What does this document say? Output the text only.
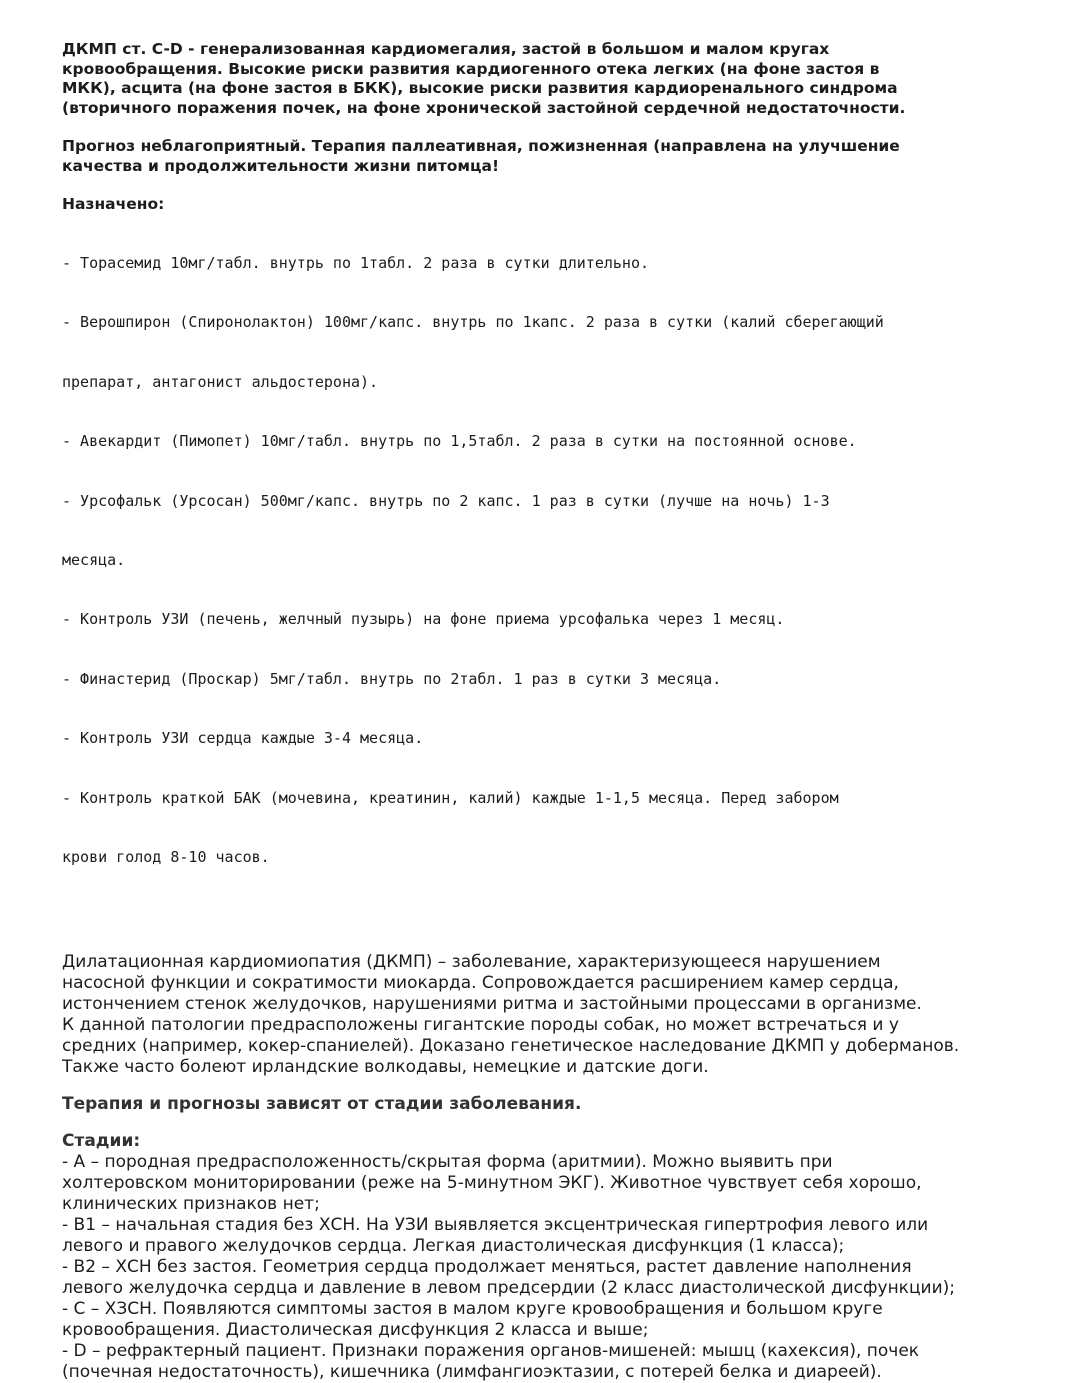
ДКМП ст. C-D - генерализованная кардиомегалия, застой в большом и малом кругах
кровообращения. Высокие риски развития кардиогенного отека легких (на фоне застоя в
МКК), асцита (на фоне застоя в БКК), высокие риски развития кардиоренального синдрома
(вторичного поражения почек, на фоне хронической застойной сердечной недостаточности.
Прогноз неблагоприятный. Терапия паллеативная, пожизненная (направлена на улучшение
качества и продолжительности жизни питомца!
Назначено:

- Торасемид 10мг/табл. внутрь по 1табл. 2 раза в сутки длительно.

- Верошпирон (Спиронолактон) 100мг/капс. внутрь по 1капс. 2 раза в сутки (калий сберегающий

препарат, антагонист альдостерона).

- Авекардит (Пимопет) 10мг/табл. внутрь по 1,5табл. 2 раза в сутки на постоянной основе.

- Урсофальк (Урсосан) 500мг/капс. внутрь по 2 капс. 1 раз в сутки (лучше на ночь) 1-3

месяца.

- Контроль УЗИ (печень, желчный пузырь) на фоне приема урсофалька через 1 месяц.

- Финастерид (Проскар) 5мг/табл. внутрь по 2табл. 1 раз в сутки 3 месяца.

- Контроль УЗИ сердца каждые 3-4 месяца.

- Контроль краткой БАК (мочевина, креатинин, калий) каждые 1-1,5 месяца. Перед забором

крови голод 8-10 часов.

Дилатационная кардиомиопатия (ДКМП) – заболевание, характеризующееся нарушением
насосной функции и сократимости миокарда. Сопровождается расширением камер сердца,
истончением стенок желудочков, нарушениями ритма и застойными процессами в организме.
К данной патологии предрасположены гигантские породы собак, но может встречаться и у
средних (например, кокер-спаниелей). Доказано генетическое наследование ДКМП у доберманов.
Также часто болеют ирландские волкодавы, немецкие и датские доги.
Терапия и прогнозы зависят от стадии заболевания.
Стадии:
- А – породная предрасположенность/скрытая форма (аритмии). Можно выявить при
холтеровском мониторировании (реже на 5-минутном ЭКГ). Животное чувствует себя хорошо,
клинических признаков нет;
- В1 – начальная стадия без ХСН. На УЗИ выявляется эксцентрическая гипертрофия левого или
левого и правого желудочков сердца. Легкая диастолическая дисфункция (1 класса);
- В2 – ХСН без застоя. Геометрия сердца продолжает меняться, растет давление наполнения
левого желудочка сердца и давление в левом предсердии (2 класс диастолической дисфункции);
- С – ХЗСН. Появляются симптомы застоя в малом круге кровообращения и большом круге
кровообращения. Диастолическая дисфункция 2 класса и выше;
- D – рефрактерный пациент. Признаки поражения органов-мишеней: мышц (кахексия), почек
(почечная недостаточность), кишечника (лимфангиоэктазии, с потерей белка и диареей).
